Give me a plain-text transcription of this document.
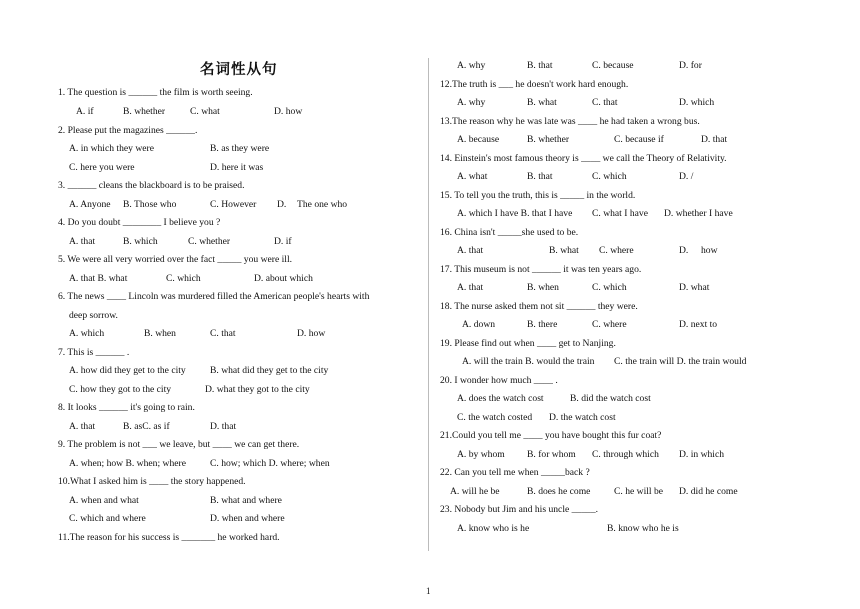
名词性从句
1. The question is ______ the film is worth seeing.
A. if	B. whether	C. what	D. how
2. Please put the magazines ______.
A. in which they were	B. as they were
C. here you were	D. here it was
3. ______ cleans the blackboard is to be praised.
A. Anyone B. Those who	C. However D. The one who
4. Do you doubt ________ I believe you ?
A. that	B. which	C. whether	D. if
5. We were all very worried over the fact _____ you were ill.
A. that B. what	C. which	D. about which
6. The news ____ Lincoln was murdered filled the American people's hearts with
deep sorrow.
A. which	B. when	C. that	D. how
7. This is ______ .
A. how did they get to the city	B. what did they get to the city
C. how they got to the city	D. what they got to the city
8. It looks ______ it's going to rain.
A. that	B. asC. as if	D. that
9. The problem is not ___ we leave, but ____ we can get there.
A. when; how B. when; where	C. how; which D. where; when
10.What I asked him is ____ the story happened.
A. when and what	B. what and where
C. which and where	D. when and where
11.The reason for his success is _______ he worked hard.
A. why	B. that	C. because	D. for
12.The truth is ___ he doesn't work hard enough.
A. why	B. what	C. that	D. which
13.The reason why he was late was ____ he had taken a wrong bus.
A. because	B. whether	C. because if	D. that
14. Einstein's most famous theory is ____ we call the Theory of Relativity.
A. what	B. that	C. which	D. /
15. To tell you the truth, this is _____ in the world.
A. which I have B. that I have C. what I have D. whether I have
16. China isn't _____she used to be.
A. that	B. what C. where	D. how
17. This museum is not ______ it was ten years ago.
A. that	B. when	C. which	D. what
18. The nurse asked them not sit ______ they were.
A. down	B. there	C. where	D. next to
19. Please find out when ____ get to Nanjing.
A. will the train B. would the train C. the train will D. the train would
20. I wonder how much ____ .
A. does the watch cost	B. did the watch cost
C. the watch costed D. the watch cost
21.Could you tell me ____ you have bought this fur coat?
A. by whom B. for whom C. through which D. in which
22. Can you tell me when _____back ?
A. will he be	B. does he come C. he will be D. did he come
23. Nobody but Jim and his uncle _____.
A. know who is he	B. know who he is
1
